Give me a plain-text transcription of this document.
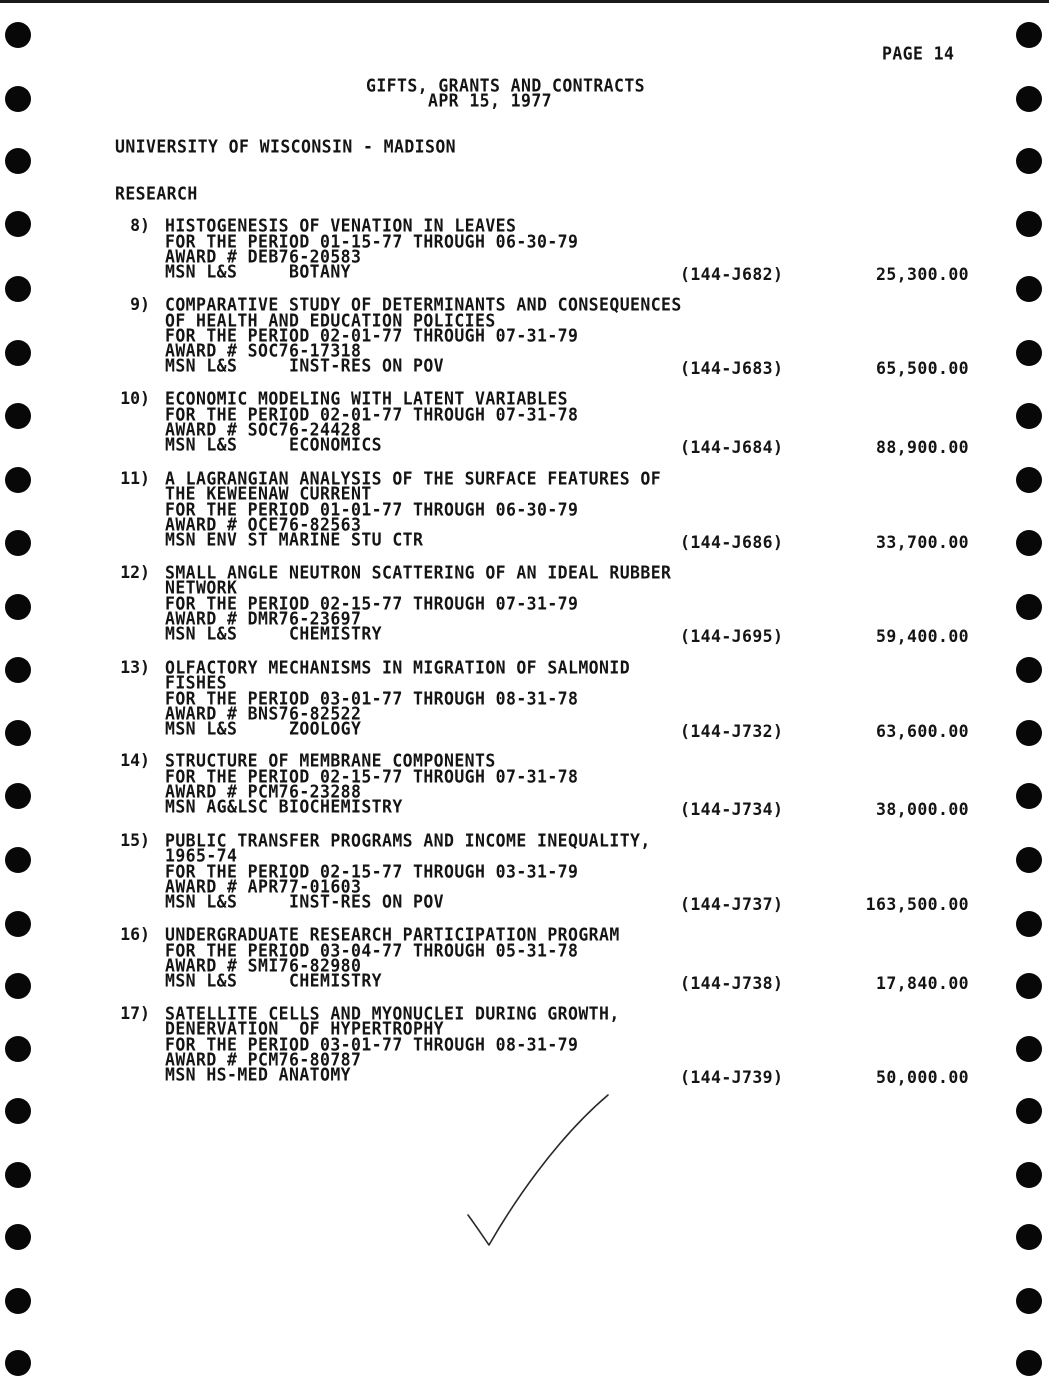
PAGE 14
GIFTS, GRANTS AND CONTRACTS
APR 15, 1977
UNIVERSITY OF WISCONSIN - MADISON
RESEARCH
8) HISTOGENESIS OF VENATION IN LEAVES
FOR THE PERIOD 01-15-77 THROUGH 06-30-79
AWARD # DEB76-20583
MSN L&S     BOTANY	(144-J682)	25,300.00
9) COMPARATIVE STUDY OF DETERMINANTS AND CONSEQUENCES
OF HEALTH AND EDUCATION POLICIES
FOR THE PERIOD 02-01-77 THROUGH 07-31-79
AWARD # SOC76-17318
MSN L&S     INST-RES ON POV	(144-J683)	65,500.00
10) ECONOMIC MODELING WITH LATENT VARIABLES
FOR THE PERIOD 02-01-77 THROUGH 07-31-78
AWARD # SOC76-24428
MSN L&S     ECONOMICS	(144-J684)	88,900.00
11) A LAGRANGIAN ANALYSIS OF THE SURFACE FEATURES OF
THE KEWEENAW CURRENT
FOR THE PERIOD 01-01-77 THROUGH 06-30-79
AWARD # OCE76-82563
MSN ENV ST MARINE STU CTR	(144-J686)	33,700.00
12) SMALL ANGLE NEUTRON SCATTERING OF AN IDEAL RUBBER
NETWORK
FOR THE PERIOD 02-15-77 THROUGH 07-31-79
AWARD # DMR76-23697
MSN L&S     CHEMISTRY	(144-J695)	59,400.00
13) OLFACTORY MECHANISMS IN MIGRATION OF SALMONID
FISHES
FOR THE PERIOD 03-01-77 THROUGH 08-31-78
AWARD # BNS76-82522
MSN L&S     ZOOLOGY	(144-J732)	63,600.00
14) STRUCTURE OF MEMBRANE COMPONENTS
FOR THE PERIOD 02-15-77 THROUGH 07-31-78
AWARD # PCM76-23288
MSN AG&LSC BIOCHEMISTRY	(144-J734)	38,000.00
15) PUBLIC TRANSFER PROGRAMS AND INCOME INEQUALITY,
1965-74
FOR THE PERIOD 02-15-77 THROUGH 03-31-79
AWARD # APR77-01603
MSN L&S     INST-RES ON POV	(144-J737)	163,500.00
16) UNDERGRADUATE RESEARCH PARTICIPATION PROGRAM
FOR THE PERIOD 03-04-77 THROUGH 05-31-78
AWARD # SMI76-82980
MSN L&S     CHEMISTRY	(144-J738)	17,840.00
17) SATELLITE CELLS AND MYONUCLEI DURING GROWTH,
DENERVATION  OF HYPERTROPHY
FOR THE PERIOD 03-01-77 THROUGH 08-31-79
AWARD # PCM76-80787
MSN HS-MED ANATOMY	(144-J739)	50,000.00
